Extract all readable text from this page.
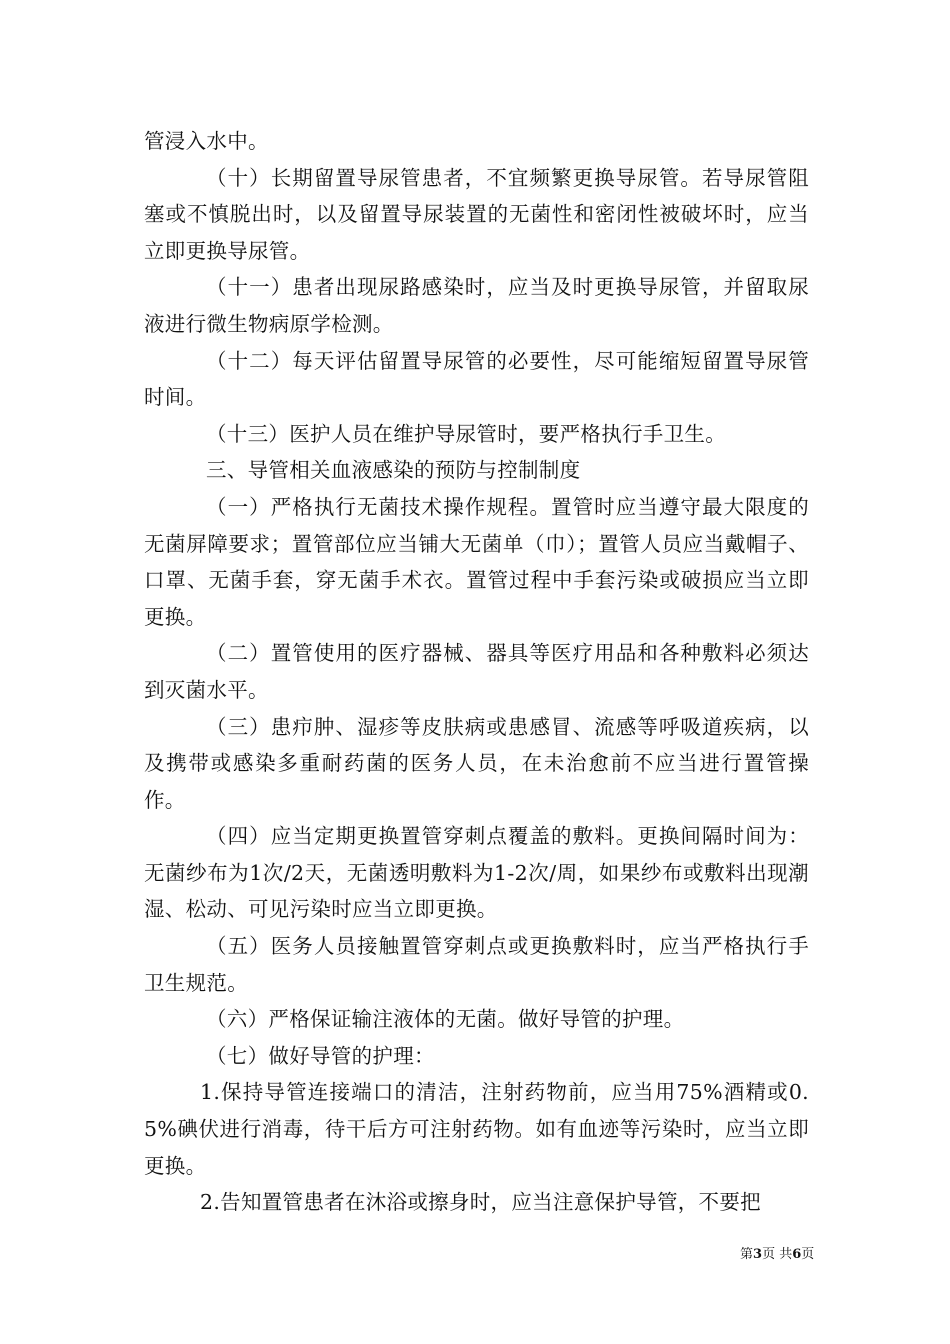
管浸入水中。

（十）长期留置导尿管患者，不宜频繁更换导尿管。若导尿管阻塞或不慎脱出时，以及留置导尿装置的无菌性和密闭性被破坏时，应当立即更换导尿管。

（十一）患者出现尿路感染时，应当及时更换导尿管，并留取尿液进行微生物病原学检测。

（十二）每天评估留置导尿管的必要性，尽可能缩短留置导尿管时间。

（十三）医护人员在维护导尿管时，要严格执行手卫生。

三、导管相关血液感染的预防与控制制度

（一）严格执行无菌技术操作规程。置管时应当遵守最大限度的无菌屏障要求；置管部位应当铺大无菌单（巾）；置管人员应当戴帽子、口罩、无菌手套，穿无菌手术衣。置管过程中手套污染或破损应当立即更换。

（二）置管使用的医疗器械、器具等医疗用品和各种敷料必须达到灭菌水平。

（三）患疖肿、湿疹等皮肤病或患感冒、流感等呼吸道疾病，以及携带或感染多重耐药菌的医务人员，在未治愈前不应当进行置管操作。

（四）应当定期更换置管穿刺点覆盖的敷料。更换间隔时间为：无菌纱布为1次/2天，无菌透明敷料为1-2次/周，如果纱布或敷料出现潮湿、松动、可见污染时应当立即更换。

（五）医务人员接触置管穿刺点或更换敷料时，应当严格执行手卫生规范。

（六）严格保证输注液体的无菌。做好导管的护理。

（七）做好导管的护理：

1.保持导管连接端口的清洁，注射药物前，应当用75%酒精或0.5%碘伏进行消毒，待干后方可注射药物。如有血迹等污染时，应当立即更换。

2.告知置管患者在沐浴或擦身时，应当注意保护导管，不要把

第3页 共6页
